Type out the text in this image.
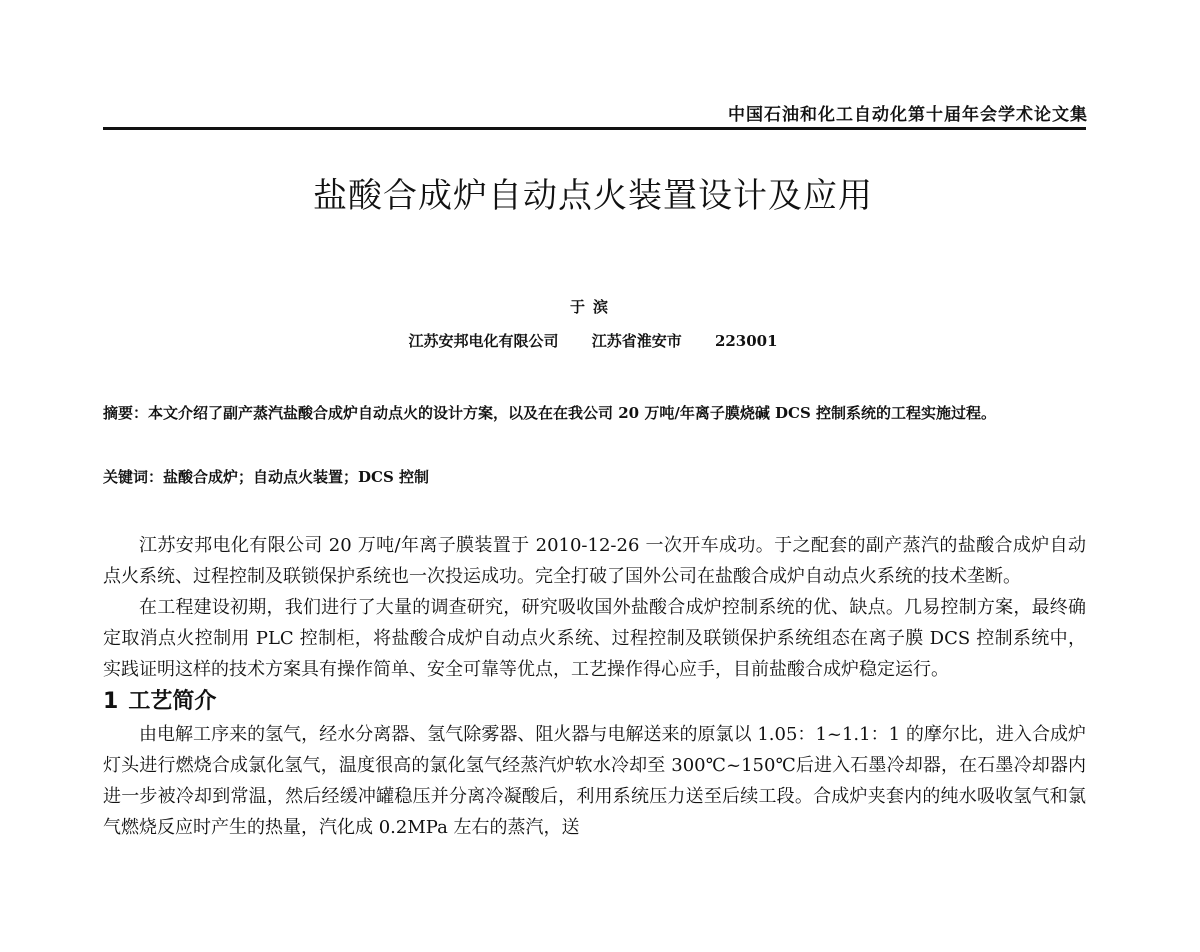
中国石油和化工自动化第十届年会学术论文集
盐酸合成炉自动点火装置设计及应用
于滨
江苏安邦电化有限公司 江苏省淮安市 223001
摘要：本文介绍了副产蒸汽盐酸合成炉自动点火的设计方案，以及在在我公司 20 万吨/年离子膜烧碱 DCS 控制系统的工程实施过程。
关键词：盐酸合成炉；自动点火装置；DCS 控制

江苏安邦电化有限公司 20 万吨/年离子膜装置于 2010-12-26 一次开车成功。于之配套的副产蒸汽的盐酸合成炉自动点火系统、过程控制及联锁保护系统也一次投运成功。完全打破了国外公司在盐酸合成炉自动点火系统的技术垄断。

在工程建设初期，我们进行了大量的调查研究，研究吸收国外盐酸合成炉控制系统的优、缺点。几易控制方案，最终确定取消点火控制用 PLC 控制柜，将盐酸合成炉自动点火系统、过程控制及联锁保护系统组态在离子膜 DCS 控制系统中，实践证明这样的技术方案具有操作简单、安全可靠等优点，工艺操作得心应手，目前盐酸合成炉稳定运行。

1 工艺简介

由电解工序来的氢气，经水分离器、氢气除雾器、阻火器与电解送来的原氯以 1.05：1~1.1：1 的摩尔比，进入合成炉灯头进行燃烧合成氯化氢气，温度很高的氯化氢气经蒸汽炉软水冷却至 300℃~150℃后进入石墨冷却器，在石墨冷却器内进一步被冷却到常温，然后经缓冲罐稳压并分离冷凝酸后，利用系统压力送至后续工段。合成炉夹套内的纯水吸收氢气和氯气燃烧反应时产生的热量，汽化成 0.2MPa 左右的蒸汽，送
